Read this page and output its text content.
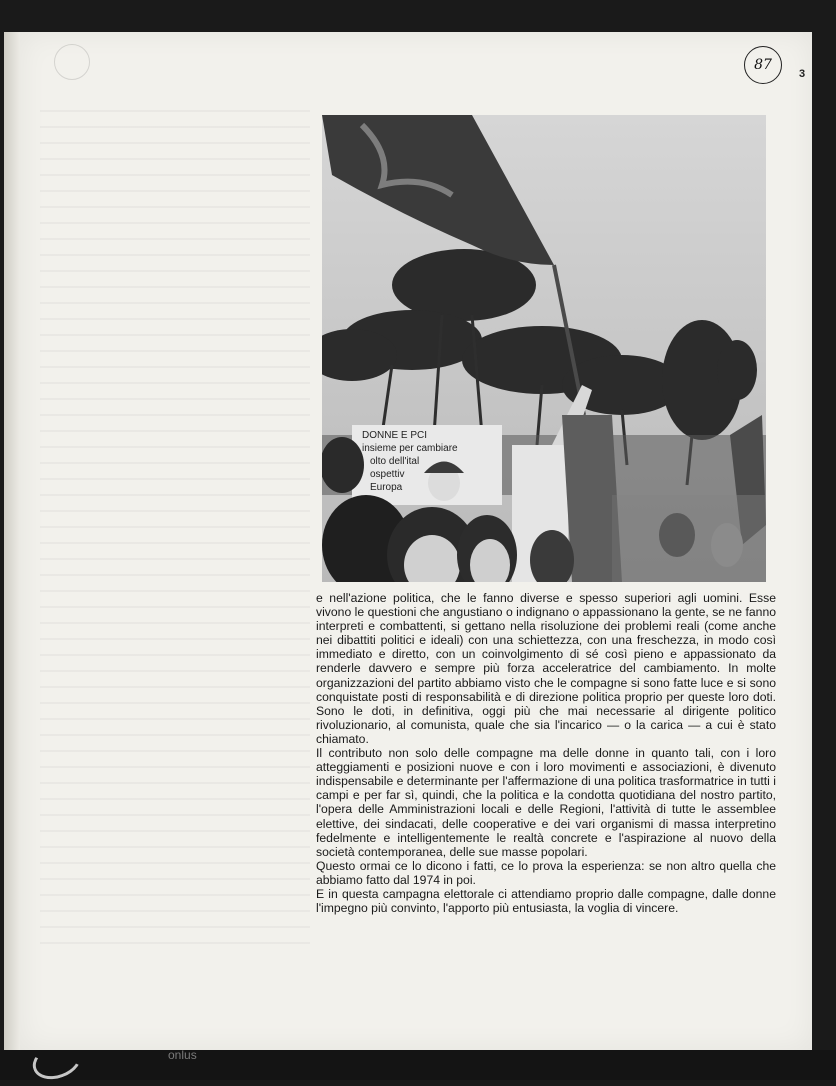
87
3
DONNE E PCI
insieme per cambiare
olto dell'ital
ospettiv
Europa

e nell'azione politica, che le fanno diverse e spesso superiori agli uomini. Esse vivono le questioni che angustiano o indignano o appassionano la gente, se ne fanno interpreti e combattenti, si gettano nella risoluzione dei problemi reali (come anche nei dibattiti politici e ideali) con una schiettezza, con una freschezza, in modo così immediato e diretto, con un coinvolgimento di sé così pieno e appassionato da renderle davvero e sempre più forza acceleratrice del cambiamento. In molte organizzazioni del partito abbiamo visto che le compagne si sono fatte luce e si sono conquistate posti di responsabilità e di direzione politica proprio per queste loro doti. Sono le doti, in definitiva, oggi più che mai necessarie al dirigente politico rivoluzionario, al comunista, quale che sia l'incarico — o la carica — a cui è stato chiamato.

Il contributo non solo delle compagne ma delle donne in quanto tali, con i loro atteggiamenti e posizioni nuove e con i loro movimenti e associazioni, è divenuto indispensabile e determinante per l'affermazione di una politica trasformatrice in tutti i campi e per far sì, quindi, che la politica e la condotta quotidiana del nostro partito, l'opera delle Amministrazioni locali e delle Regioni, l'attività di tutte le assemblee elettive, dei sindacati, delle cooperative e dei vari organismi di massa interpretino fedelmente e intelligentemente le realtà concrete e l'aspirazione al nuovo della società contemporanea, delle sue masse popolari.

Questo ormai ce lo dicono i fatti, ce lo prova la esperienza: se non altro quella che abbiamo fatto dal 1974 in poi.

E in questa campagna elettorale ci attendiamo proprio dalle compagne, dalle donne l'impegno più convinto, l'apporto più entusiasta, la voglia di vincere.

onlus
